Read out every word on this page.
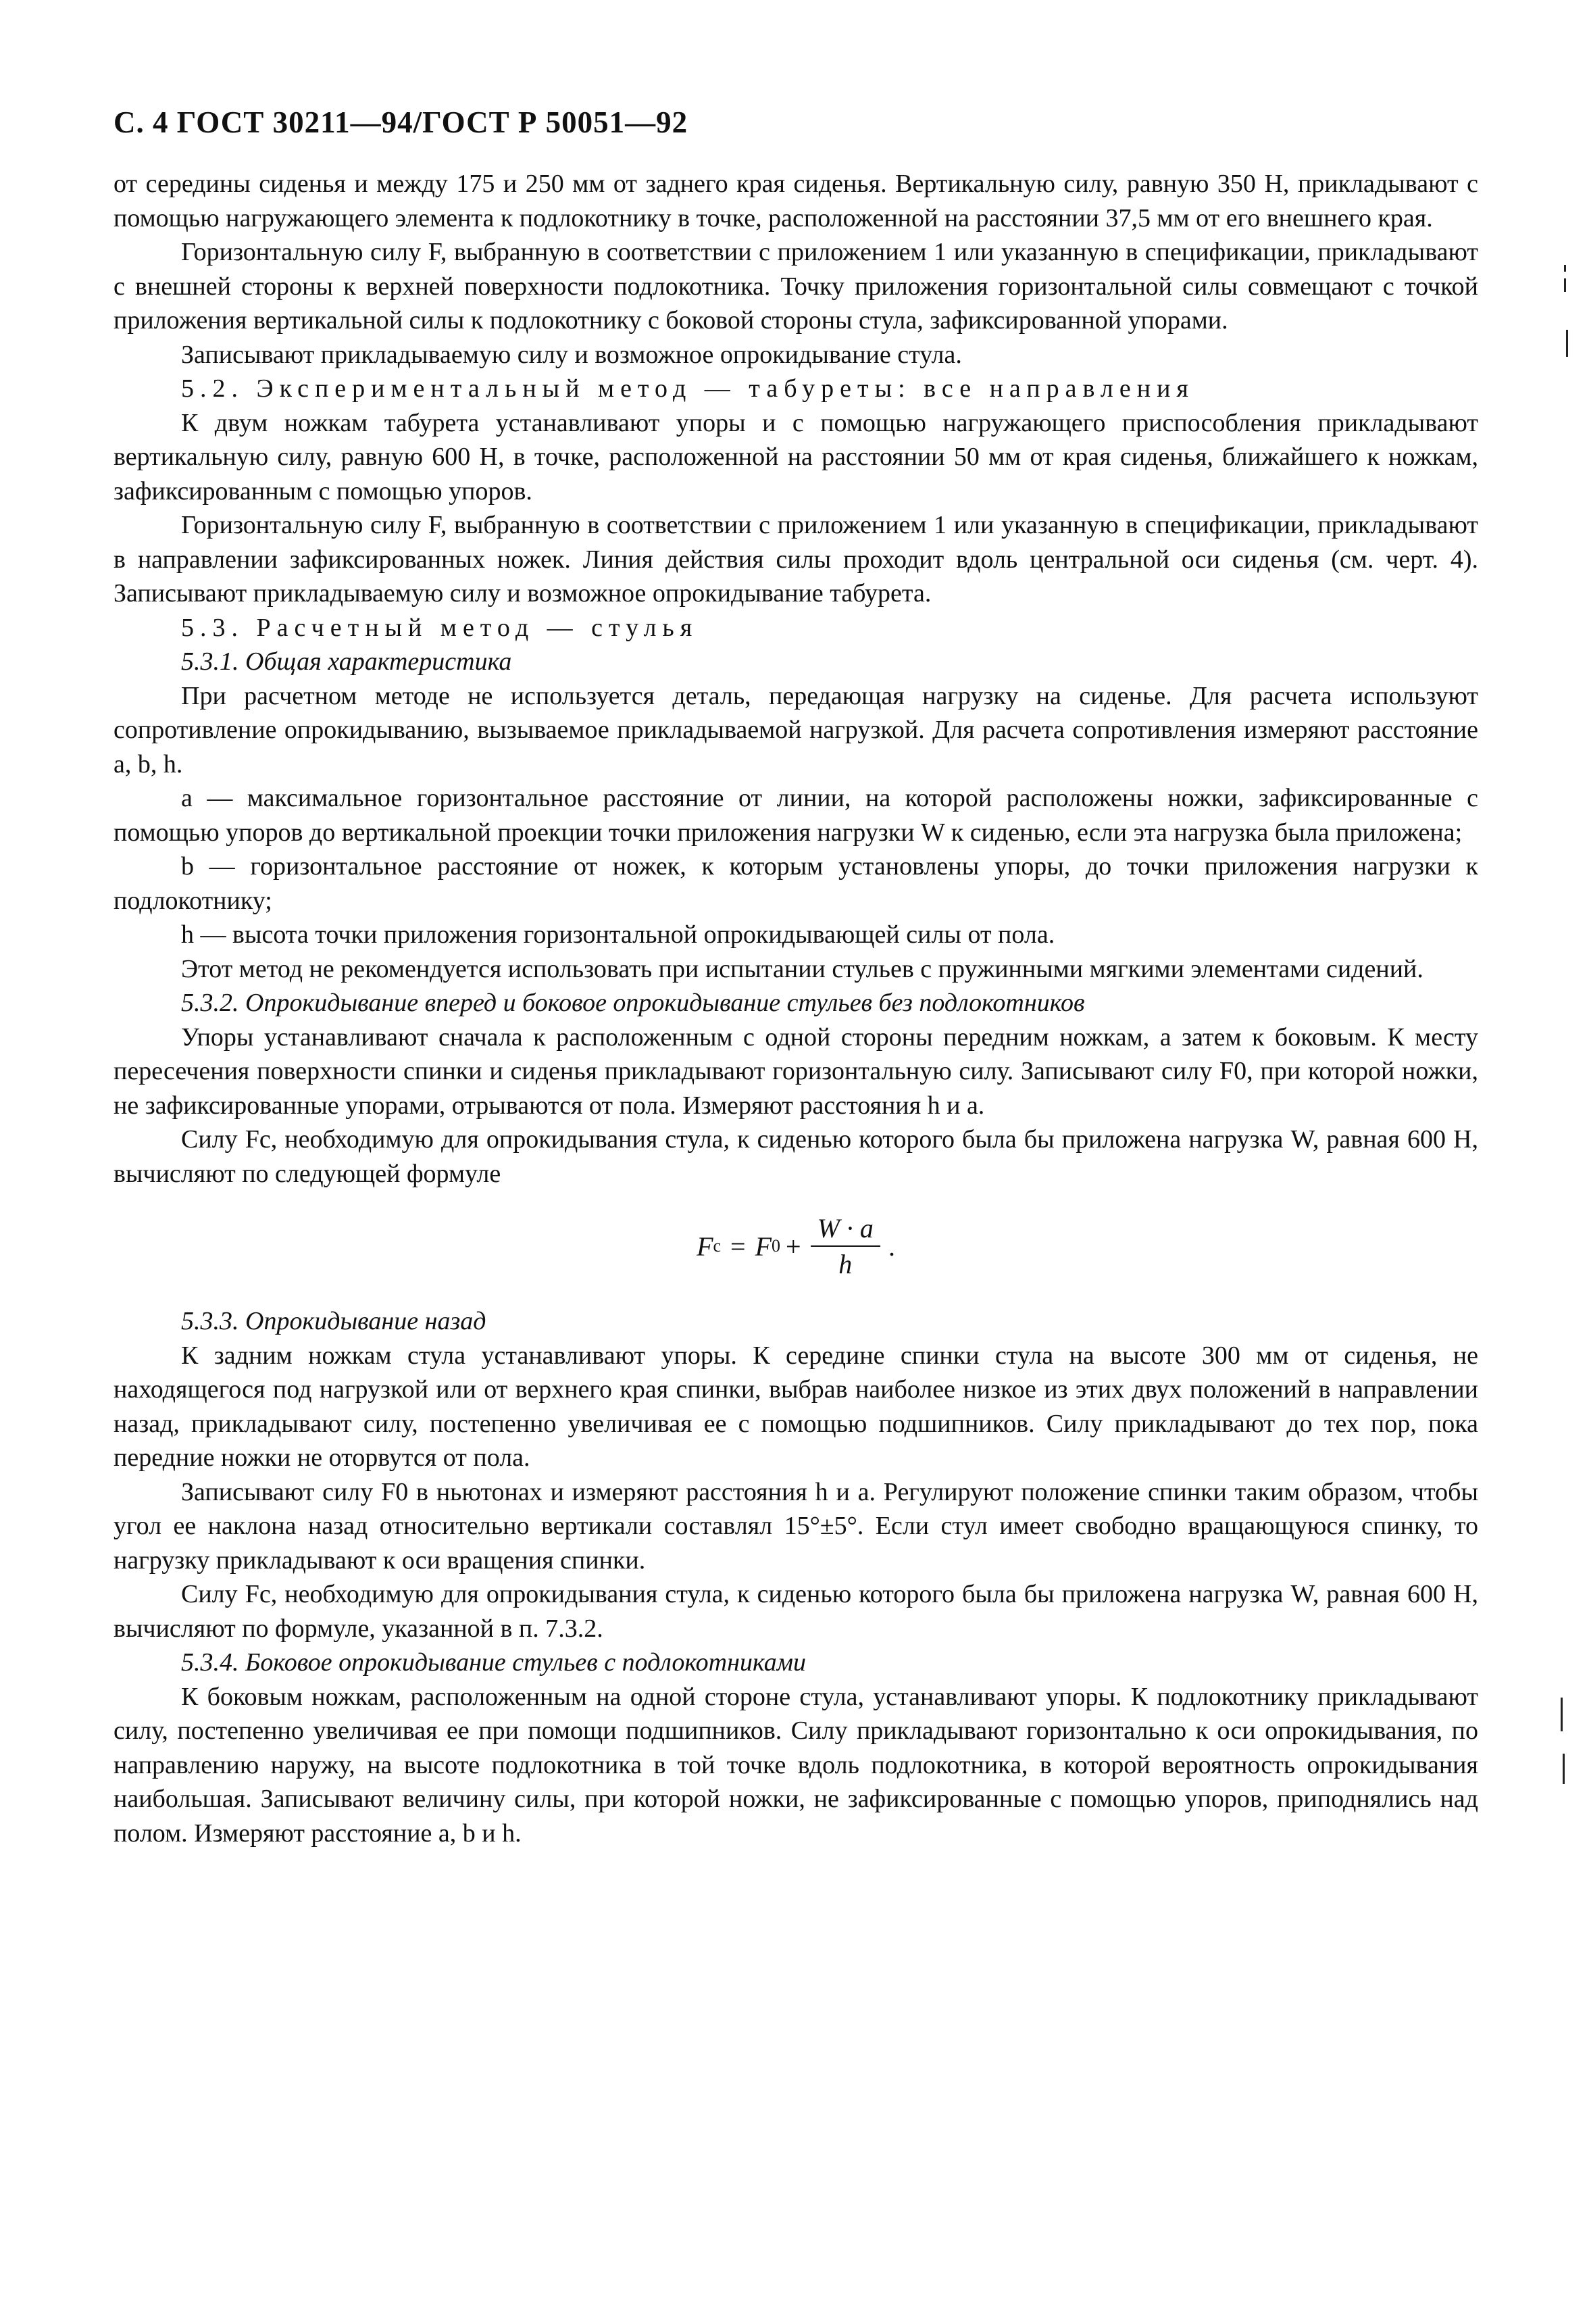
С. 4 ГОСТ 30211—94/ГОСТ Р 50051—92

от середины сиденья и между 175 и 250 мм от заднего края сиденья. Вертикальную силу, равную 350 Н, прикладывают с помощью нагружающего элемента к подлокотнику в точке, расположенной на расстоянии 37,5 мм от его внешнего края.

Горизонтальную силу F, выбранную в соответствии с приложением 1 или указанную в спецификации, прикладывают с внешней стороны к верхней поверхности подлокотника. Точку приложения горизонтальной силы совмещают с точкой приложения вертикальной силы к подлокотнику с боковой стороны стула, зафиксированной упорами.

Записывают прикладываемую силу и возможное опрокидывание стула.

5.2. Экспериментальный метод — табуреты: все направления

К двум ножкам табурета устанавливают упоры и с помощью нагружающего приспособления прикладывают вертикальную силу, равную 600 Н, в точке, расположенной на расстоянии 50 мм от края сиденья, ближайшего к ножкам, зафиксированным с помощью упоров.

Горизонтальную силу F, выбранную в соответствии с приложением 1 или указанную в спецификации, прикладывают в направлении зафиксированных ножек. Линия действия силы проходит вдоль центральной оси сиденья (см. черт. 4). Записывают прикладываемую силу и возможное опрокидывание табурета.

5.3. Расчетный метод — стулья

5.3.1. Общая характеристика

При расчетном методе не используется деталь, передающая нагрузку на сиденье. Для расчета используют сопротивление опрокидыванию, вызываемое прикладываемой нагрузкой. Для расчета сопротивления измеряют расстояние a, b, h.

a — максимальное горизонтальное расстояние от линии, на которой расположены ножки, зафиксированные с помощью упоров до вертикальной проекции точки приложения нагрузки W к сиденью, если эта нагрузка была приложена;

b — горизонтальное расстояние от ножек, к которым установлены упоры, до точки приложения нагрузки к подлокотнику;

h — высота точки приложения горизонтальной опрокидывающей силы от пола.

Этот метод не рекомендуется использовать при испытании стульев с пружинными мягкими элементами сидений.

5.3.2. Опрокидывание вперед и боковое опрокидывание стульев без подлокотников

Упоры устанавливают сначала к расположенным с одной стороны передним ножкам, а затем к боковым. К месту пересечения поверхности спинки и сиденья прикладывают горизонтальную силу. Записывают силу F0, при которой ножки, не зафиксированные упорами, отрываются от пола. Измеряют расстояния h и a.

Силу Fc, необходимую для опрокидывания стула, к сиденью которого была бы приложена нагрузка W, равная 600 Н, вычисляют по следующей формуле

F c = F $0 + \frac{W \cdot a}{h}$ .

5.3.3. Опрокидывание назад

К задним ножкам стула устанавливают упоры. К середине спинки стула на высоте 300 мм от сиденья, не находящегося под нагрузкой или от верхнего края спинки, выбрав наиболее низкое из этих двух положений в направлении назад, прикладывают силу, постепенно увеличивая ее с помощью подшипников. Силу прикладывают до тех пор, пока передние ножки не оторвутся от пола.

Записывают силу F0 в ньютонах и измеряют расстояния h и a. Регулируют положение спинки таким образом, чтобы угол ее наклона назад относительно вертикали составлял 15°±5°. Если стул имеет свободно вращающуюся спинку, то нагрузку прикладывают к оси вращения спинки.

Силу Fc, необходимую для опрокидывания стула, к сиденью которого была бы приложена нагрузка W, равная 600 Н, вычисляют по формуле, указанной в п. 7.3.2.

5.3.4. Боковое опрокидывание стульев с подлокотниками

К боковым ножкам, расположенным на одной стороне стула, устанавливают упоры. К подлокотнику прикладывают силу, постепенно увеличивая ее при помощи подшипников. Силу прикладывают горизонтально к оси опрокидывания, по направлению наружу, на высоте подлокотника в той точке вдоль подлокотника, в которой вероятность опрокидывания наибольшая. Записывают величину силы, при которой ножки, не зафиксированные с помощью упоров, приподнялись над полом. Измеряют расстояние a, b и h.
